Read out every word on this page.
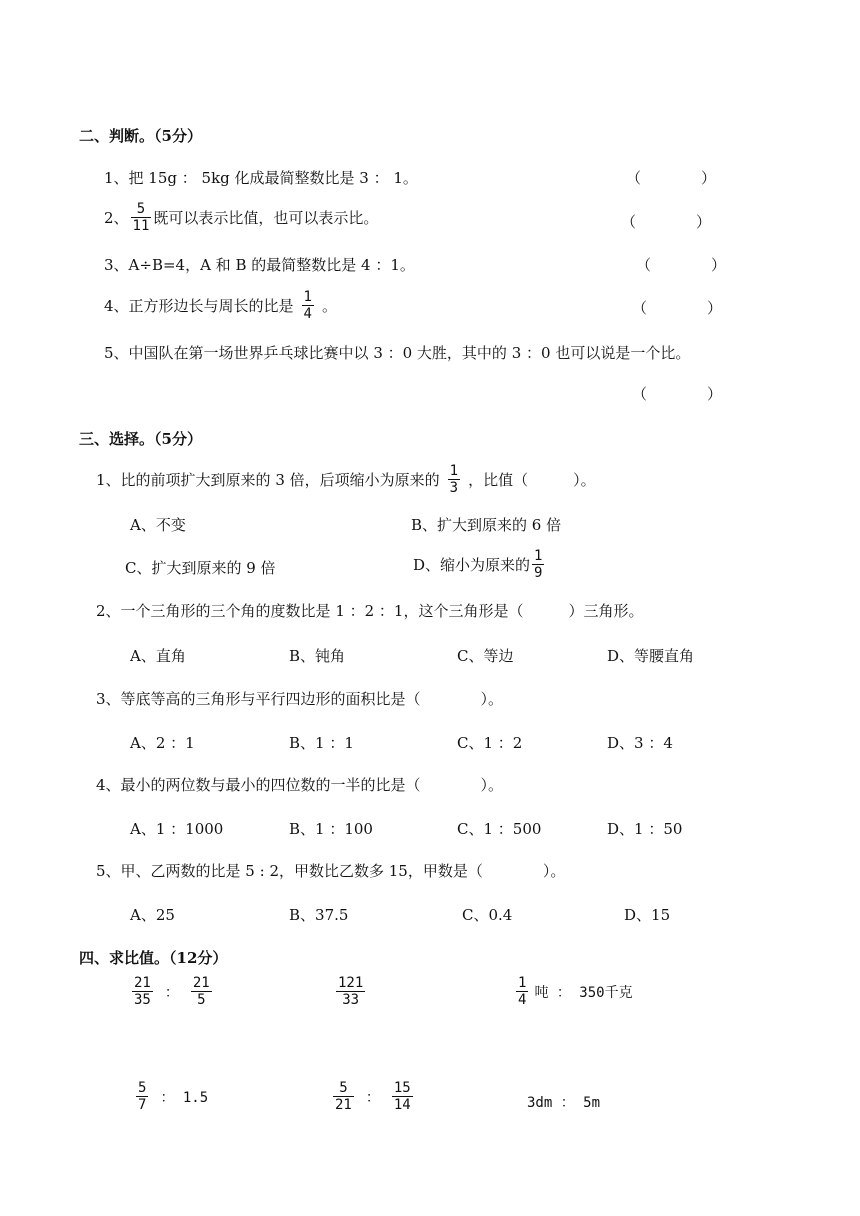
二、判断。（5分）
1、把 15g ： 5kg 化成最简整数比是 3 ： 1。	（　　　　）
2、 $\frac{5}{11}$ 既可以表示比值，也可以表示比。	（　　　　）
3、A÷B=4，A 和 B 的最简整数比是 4 ：1。	（　　　　）
4、正方形边长与周长的比是 $\frac{1}{4}$ 。	（　　　　）
5、中国队在第一场世界乒乓球比赛中以 3 ：0 大胜，其中的 3 ：0 也可以说是一个比。
（　　　　）
三、选择。（5分）
1、比的前项扩大到原来的 3 倍，后项缩小为原来的 $\frac{1}{3}$ ，比值（　　　）。
A、不变	B、扩大到原来的 6 倍
C、扩大到原来的 9 倍	D、缩小为原来的 $\frac{1}{9}$
2、一个三角形的三个角的度数比是 1 ：2 ：1，这个三角形是（　　　）三角形。
A、直角	B、钝角	C、等边	D、等腰直角
3、等底等高的三角形与平行四边形的面积比是（　　　　）。
A、2 ：1	B、1 ：1	C、1 ：2	D、3 ：4
4、最小的两位数与最小的四位数的一半的比是（　　　　）。
A、1 ：1000	B、1 ：100	C、1 ：500	D、1 ：50
5、甲、乙两数的比是 5 : 2，甲数比乙数多 15，甲数是（　　　　）。
A、25	B、37.5	C、0.4	D、15
四、求比值。（12分）
$\frac{21}{35}$ ： $\frac{21}{5}$	$\frac{121}{33}$	$\frac{1}{4}$ 吨 ： 350千克
$\frac{5}{7}$ ： 1.5	$\frac{5}{21}$ ： $\frac{15}{14}$	3dm ： 5m
